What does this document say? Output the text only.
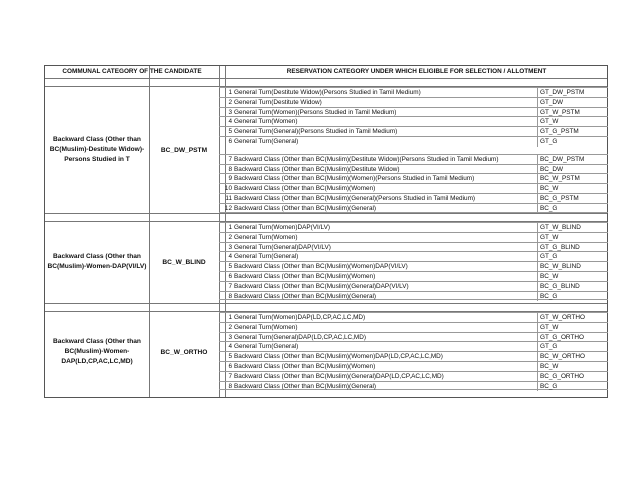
COMMUNAL CATEGORY OF THE CANDIDATE	RESERVATION CATEGORY UNDER WHICH ELIGIBLE FOR SELECTION / ALLOTMENT
Backward Class (Other than BC(Muslim)-Destitute Widow)-Persons Studied in T
BC_DW_PSTM
1 General Turn(Destitute Widow)(Persons Studied in Tamil Medium)	GT_DW_PSTM
2 General Turn(Destitute Widow)	GT_DW
3 General Turn(Women)(Persons Studied in Tamil Medium)	GT_W_PSTM
4 General Turn(Women)	GT_W
5 General Turn(General)(Persons Studied in Tamil Medium)	GT_G_PSTM
6 General Turn(General)	GT_G
7 Backward Class (Other than BC(Muslim)(Destitute Widow)(Persons Studied in Tamil Medium)	BC_DW_PSTM
8 Backward Class (Other than BC(Muslim)(Destitute Widow)	BC_DW
9 Backward Class (Other than BC(Muslim)(Women)(Persons Studied in Tamil Medium)	BC_W_PSTM
10 Backward Class (Other than BC(Muslim)(Women)	BC_W
11 Backward Class (Other than BC(Muslim)(General)(Persons Studied in Tamil Medium)	BC_G_PSTM
12 Backward Class (Other than BC(Muslim)(General)	BC_G
Backward Class (Other than BC(Muslim)-Women-DAP(VI/LV)
BC_W_BLIND
1 General Turn(Women)DAP(VI/LV)	GT_W_BLIND
2 General Turn(Women)	GT_W
3 General Turn(General)DAP(VI/LV)	GT_G_BLIND
4 General Turn(General)	GT_G
5 Backward Class (Other than BC(Muslim)(Women)DAP(VI/LV)	BC_W_BLIND
6 Backward Class (Other than BC(Muslim)(Women)	BC_W
7 Backward Class (Other than BC(Muslim)(General)DAP(VI/LV)	BC_G_BLIND
8 Backward Class (Other than BC(Muslim)(General)	BC_G
Backward Class (Other than BC(Muslim)-Women-DAP(LD,CP,AC,LC,MD)
BC_W_ORTHO
1 General Turn(Women)DAP(LD,CP,AC,LC,MD)	GT_W_ORTHO
2 General Turn(Women)	GT_W
3 General Turn(General)DAP(LD,CP,AC,LC,MD)	GT_G_ORTHO
4 General Turn(General)	GT_G
5 Backward Class (Other than BC(Muslim)(Women)DAP(LD,CP,AC,LC,MD)	BC_W_ORTHO
6 Backward Class (Other than BC(Muslim)(Women)	BC_W
7 Backward Class (Other than BC(Muslim)(General)DAP(LD,CP,AC,LC,MD)	BC_G_ORTHO
8 Backward Class (Other than BC(Muslim)(General)	BC_G
